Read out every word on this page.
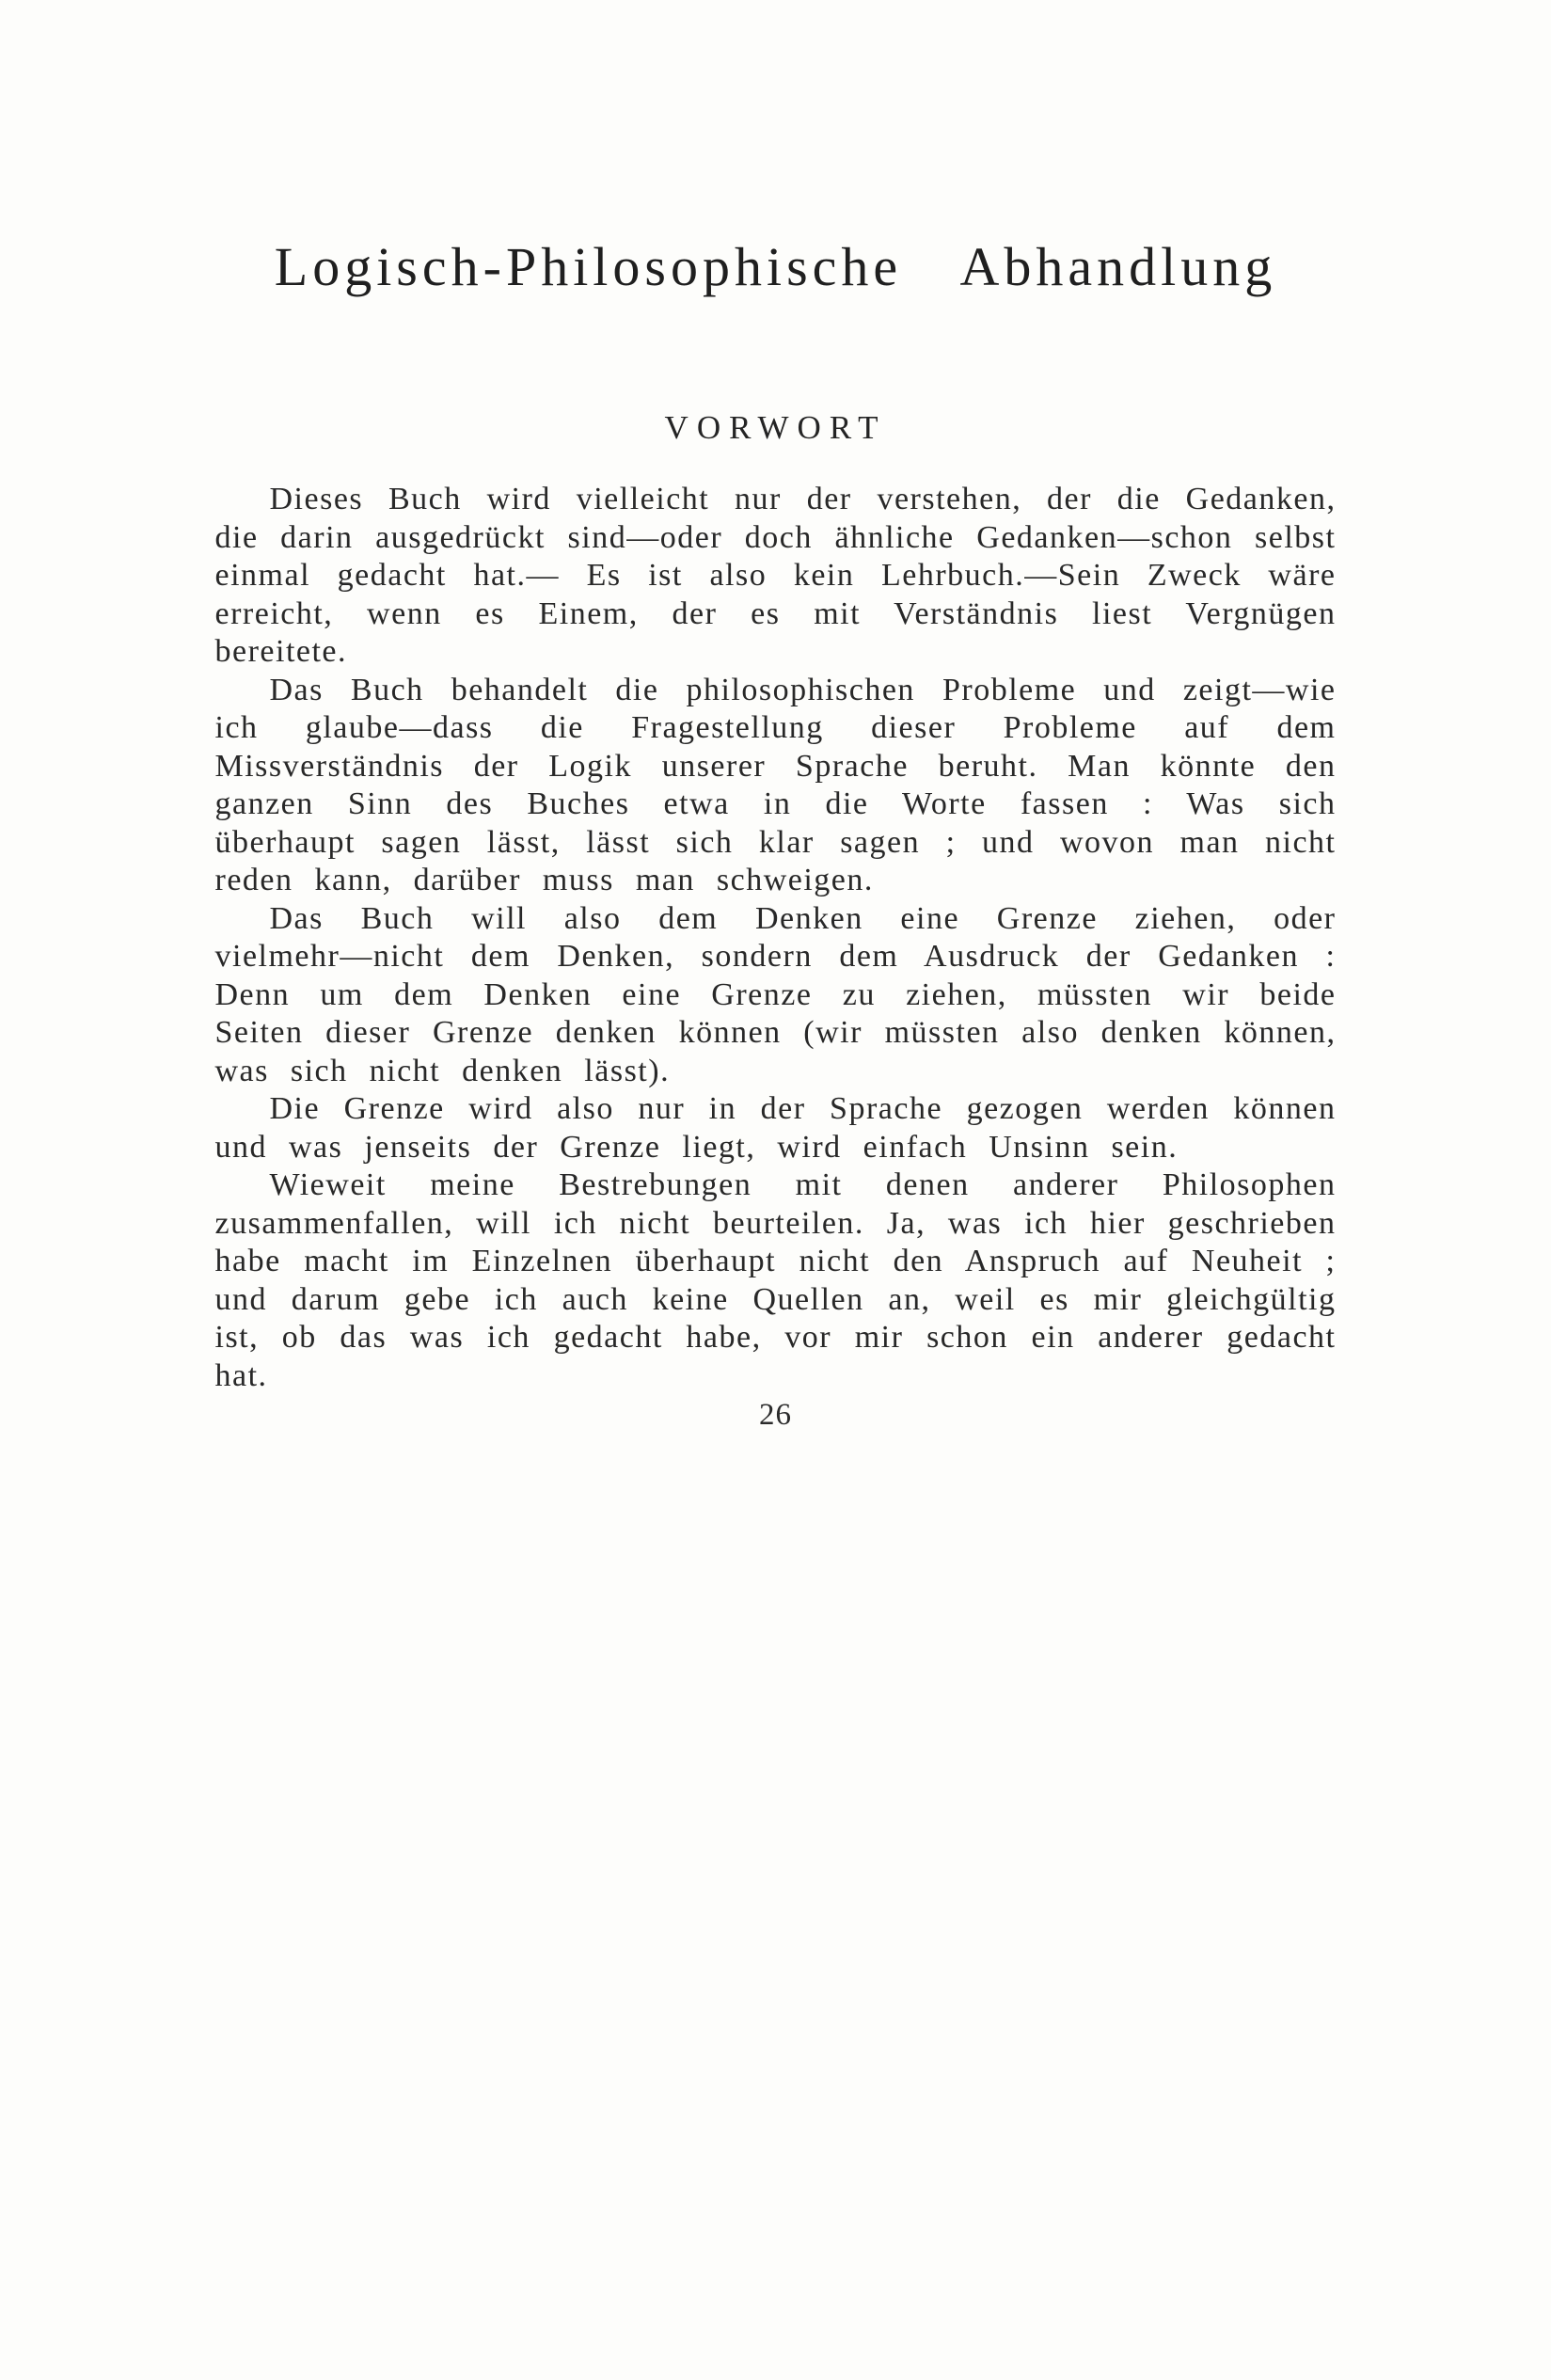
Logisch-Philosophische Abhandlung
VORWORT

Dieses Buch wird vielleicht nur der verstehen, der die Gedanken, die darin ausgedrückt sind—oder doch ähnliche Gedanken—schon selbst einmal gedacht hat.— Es ist also kein Lehrbuch.—Sein Zweck wäre erreicht, wenn es Einem, der es mit Verständnis liest Vergnügen bereitete.

Das Buch behandelt die philosophischen Probleme und zeigt—wie ich glaube—dass die Fragestellung dieser Probleme auf dem Missverständnis der Logik unserer Sprache beruht. Man könnte den ganzen Sinn des Buches etwa in die Worte fassen : Was sich überhaupt sagen lässt, lässt sich klar sagen ; und wovon man nicht reden kann, darüber muss man schweigen.

Das Buch will also dem Denken eine Grenze ziehen, oder vielmehr—nicht dem Denken, sondern dem Ausdruck der Gedanken : Denn um dem Denken eine Grenze zu ziehen, müssten wir beide Seiten dieser Grenze denken können (wir müssten also denken können, was sich nicht denken lässt).

Die Grenze wird also nur in der Sprache gezogen werden können und was jenseits der Grenze liegt, wird einfach Unsinn sein.

Wieweit meine Bestrebungen mit denen anderer Philosophen zusammenfallen, will ich nicht beurteilen. Ja, was ich hier geschrieben habe macht im Einzelnen überhaupt nicht den Anspruch auf Neuheit ; und darum gebe ich auch keine Quellen an, weil es mir gleichgültig ist, ob das was ich gedacht habe, vor mir schon ein anderer gedacht hat.

26
